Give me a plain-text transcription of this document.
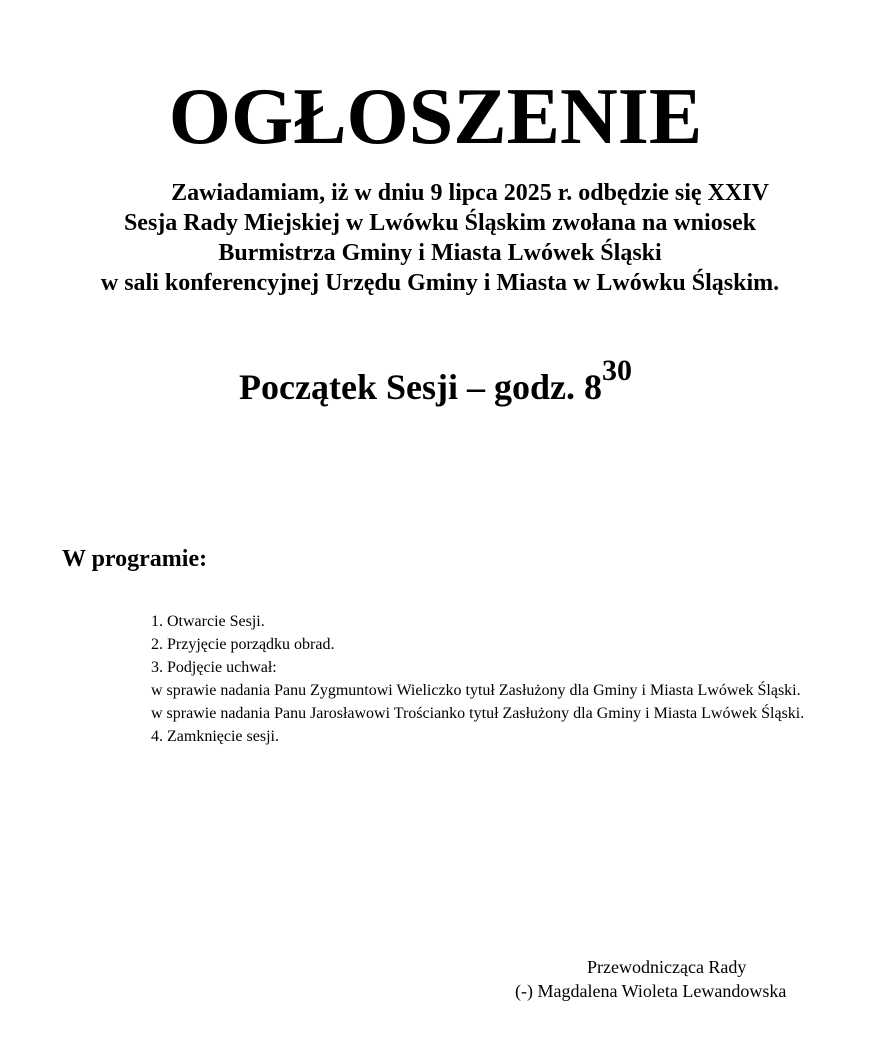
OGŁOSZENIE
Zawiadamiam, iż w dniu 9 lipca 2025 r. odbędzie się XXIV
Sesja Rady Miejskiej w Lwówku Śląskim zwołana na wniosek
Burmistrza Gminy i Miasta Lwówek Śląski
w sali konferencyjnej Urzędu Gminy i Miasta w Lwówku Śląskim.
Początek Sesji – godz. $8^{30}$
W programie:
1. Otwarcie Sesji.
2. Przyjęcie porządku obrad.
3. Podjęcie uchwał:
w sprawie nadania Panu Zygmuntowi Wieliczko tytuł Zasłużony dla Gminy i Miasta Lwówek Śląski.
w sprawie nadania Panu Jarosławowi Trościanko tytuł Zasłużony dla Gminy i Miasta Lwówek Śląski.
4. Zamknięcie sesji.
Przewodnicząca Rady
(-) Magdalena Wioleta Lewandowska
